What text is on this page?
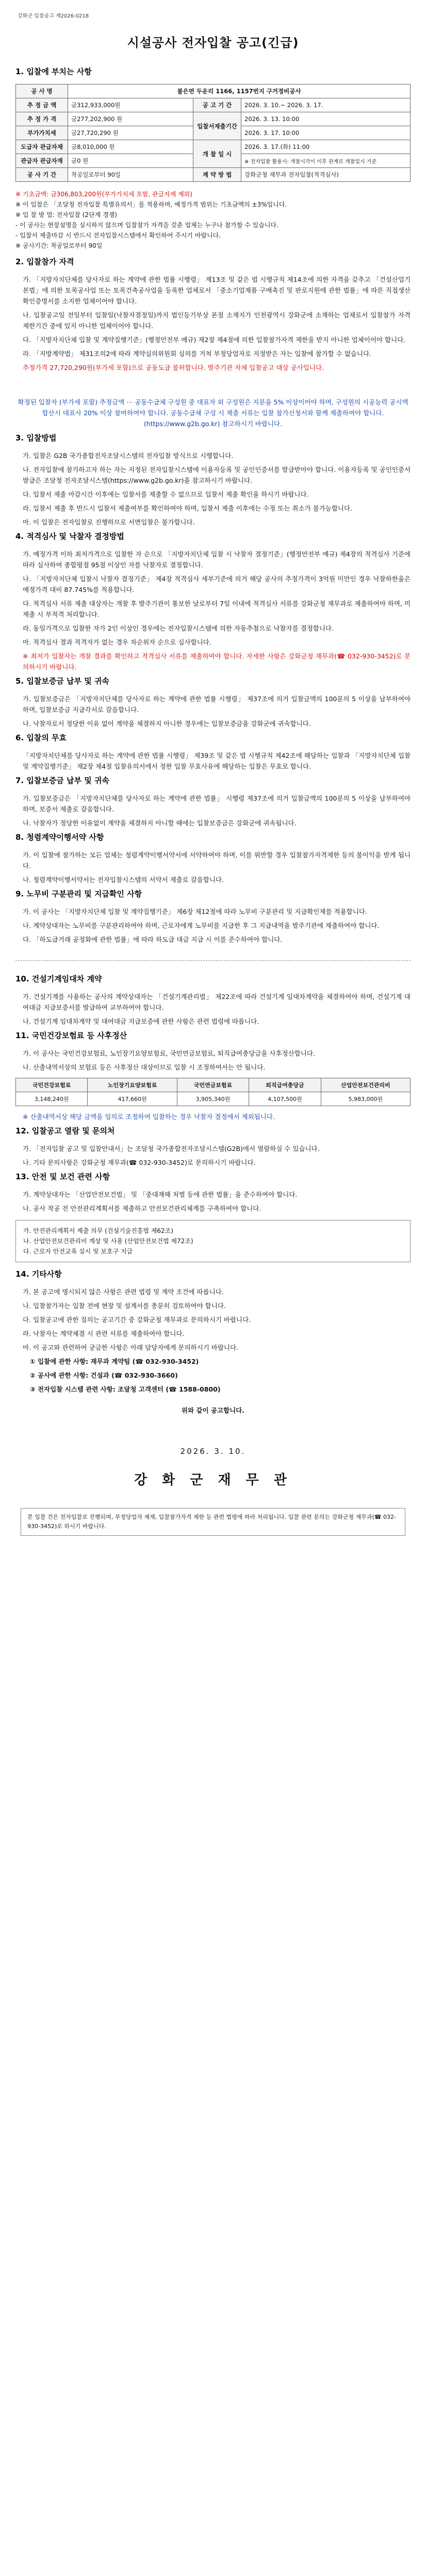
강화군 입찰공고 제2026-0218
시설공사 전자입찰 공고(긴급)
1. 입찰에 부치는 사항
공 사 명	불은면 두운리 1166, 1157번지 구거정비공사		
추 정 금 액	금312,933,000원	공 고 기 간	2026. 3. 10.~ 2026. 3. 17.
추 정 가 격	금277,202,900 원	입찰서제출기간	2026. 3. 13. 10:00
부가가치세	금27,720,290 원		2026. 3. 17. 10:00
도급자 관급자재	금8,010,000 원	개 찰 일 시	2026. 3. 17.(화) 11:00
관급자 관급자재	금0 원		※ 전자입찰 활용시: 개찰시각이 이후 관계로 개찰일시 기준
공 사 기 간	착공일로부터 90일	계 약 방 법	강화군청 재무과 전자입찰(적격심사)
※ 기초금액: 금306,803,200원(부가가치세 포함, 관급자재 제외)
※ 이 입찰은 「조달청 전자입찰 특별유의서」를 적용하며, 예정가격 범위는 기초금액의 ±3%입니다.
※ 입 찰 방 법: 전자입찰 (2단계 경쟁)
- 이 공사는 현장설명을 실시하지 않으며 입찰참가 자격을 갖춘 업체는 누구나 참가할 수 있습니다.
- 입찰서 제출마감 시 반드시 전자입찰시스템에서 확인하여 주시기 바랍니다.
※ 공사기간: 착공일로부터 90일
2. 입찰참가 자격

가. 「지방자치단체를 당사자로 하는 계약에 관한 법률 시행령」 제13조 및 같은 법 시행규칙 제14조에 의한 자격을 갖추고 「건설산업기본법」에 의한 토목공사업 또는 토목건축공사업을 등록한 업체로서 「중소기업제품 구매촉진 및 판로지원에 관한 법률」에 따른 직접생산확인증명서를 소지한 업체이어야 합니다.

나. 입찰공고일 전일부터 입찰일(낙찰자결정일)까지 법인등기부상 본점 소재지가 인천광역시 강화군에 소재하는 업체로서 입찰참가 자격 제한기간 중에 있지 아니한 업체이어야 합니다.

다. 「지방자치단체 입찰 및 계약집행기준」(행정안전부 예규) 제2장 제4절에 의한 입찰참가자격 제한을 받지 아니한 업체이어야 합니다.

라. 「지방계약법」 제31조의2에 따라 계약심의위원회 심의를 거쳐 부정당업자로 지정받은 자는 입찰에 참가할 수 없습니다.

추정가격 27,720,290원(부가세 포함)으로 공동도급 불허합니다. 발주기관 자체 입찰공고 대상 공사입니다.

확정된 입찰자 (부가세 포함) 추정금액 ··· 공동수급체 구성원 중 대표자 외 구성원은 지분율 5% 이상이어야 하며, 구성원의 시공능력 공시액 합산시 대표사 20% 이상 참여하여야 합니다. 공동수급체 구성 시 제출 서류는 입찰 참가신청서와 함께 제출하여야 합니다. (https://www.g2b.go.kr) 참고하시기 바랍니다.

3. 입찰방법

가. 입찰은 G2B 국가종합전자조달시스템의 전자입찰 방식으로 시행합니다.

나. 전자입찰에 참가하고자 하는 자는 지정된 전자입찰시스템에 이용자등록 및 공인인증서를 발급받아야 합니다. 이용자등록 및 공인인증서 발급은 조달청 전자조달시스템(https://www.g2b.go.kr)을 참고하시기 바랍니다.

다. 입찰서 제출 마감시간 이후에는 입찰서를 제출할 수 없으므로 입찰서 제출 확인을 하시기 바랍니다.

라. 입찰서 제출 후 반드시 입찰서 제출여부를 확인하여야 하며, 입찰서 제출 이후에는 수정 또는 취소가 불가능합니다.

마. 이 입찰은 전자입찰로 진행하므로 서면입찰은 불가합니다.

4. 적격심사 및 낙찰자 결정방법

가. 예정가격 이하 최저가격으로 입찰한 자 순으로 「지방자치단체 입찰 시 낙찰자 결정기준」(행정안전부 예규) 제4장의 적격심사 기준에 따라 심사하여 종합평점 95점 이상인 자를 낙찰자로 결정합니다.

나. 「지방자치단체 입찰시 낙찰자 결정기준」 제4장 적격심사 세부기준에 의거 해당 공사의 추정가격이 3억원 미만인 경우 낙찰하한율은 예정가격 대비 87.745%를 적용합니다.

다. 적격심사 서류 제출 대상자는 개찰 후 발주기관이 통보한 날로부터 7일 이내에 적격심사 서류를 강화군청 재무과로 제출하여야 하며, 미제출 시 부적격 처리합니다.

라. 동일가격으로 입찰한 자가 2인 이상인 경우에는 전자입찰시스템에 의한 자동추첨으로 낙찰자를 결정합니다.

마. 적격심사 결과 적격자가 없는 경우 차순위자 순으로 심사합니다.

※ 최저가 입찰자는 개찰 결과를 확인하고 적격심사 서류를 제출하여야 합니다. 자세한 사항은 강화군청 재무과(☎ 032-930-3452)로 문의하시기 바랍니다.

5. 입찰보증금 납부 및 귀속

가. 입찰보증금은 「지방자치단체를 당사자로 하는 계약에 관한 법률 시행령」 제37조에 의거 입찰금액의 100분의 5 이상을 납부하여야 하며, 입찰보증금 지급각서로 갈음합니다.

나. 낙찰자로서 정당한 이유 없이 계약을 체결하지 아니한 경우에는 입찰보증금을 강화군에 귀속합니다.

6. 입찰의 무효

「지방자치단체를 당사자로 하는 계약에 관한 법률 시행령」 제39조 및 같은 법 시행규칙 제42조에 해당하는 입찰과 「지방자치단체 입찰 및 계약집행기준」 제2장 제4절 입찰유의서에서 정한 입찰 무효사유에 해당하는 입찰은 무효로 합니다.

7. 입찰보증금 납부 및 귀속

가. 입찰보증금은 「지방자치단체를 당사자로 하는 계약에 관한 법률」 시행령 제37조에 의거 입찰금액의 100분의 5 이상을 납부하여야 하며, 보증서 제출로 갈음합니다.

나. 낙찰자가 정당한 이유없이 계약을 체결하지 아니할 때에는 입찰보증금은 강화군에 귀속됩니다.

8. 청렴계약이행서약 사항

가. 이 입찰에 참가하는 모든 업체는 청렴계약이행서약서에 서약하여야 하며, 이를 위반할 경우 입찰참가자격제한 등의 불이익을 받게 됩니다.

나. 청렴계약이행서약서는 전자입찰시스템의 서약서 제출로 갈음합니다.

9. 노무비 구분관리 및 지급확인 사항

가. 이 공사는 「지방자치단체 입찰 및 계약집행기준」 제6장 제12절에 따라 노무비 구분관리 및 지급확인제를 적용합니다.

나. 계약상대자는 노무비를 구분관리하여야 하며, 근로자에게 노무비를 지급한 후 그 지급내역을 발주기관에 제출하여야 합니다.

다. 「하도급거래 공정화에 관한 법률」에 따라 하도급 대금 지급 시 이를 준수하여야 합니다.

10. 건설기계임대차 계약

가. 건설기계를 사용하는 공사의 계약상대자는 「건설기계관리법」 제22조에 따라 건설기계 임대차계약을 체결하여야 하며, 건설기계 대여대금 지급보증서를 발급하여 교부하여야 합니다.

나. 건설기계 임대차계약 및 대여대금 지급보증에 관한 사항은 관련 법령에 따릅니다.

11. 국민건강보험료 등 사후정산

가. 이 공사는 국민건강보험료, 노인장기요양보험료, 국민연금보험료, 퇴직급여충당금을 사후정산합니다.

나. 산출내역서상의 보험료 등은 사후정산 대상이므로 입찰 시 조정하여서는 안 됩니다.

국민건강보험료	노인장기요양보험료	국민연금보험료	퇴직급여충당금	산업안전보건관리비
3,148,240원	417,660원	3,905,340원	4,107,500원	5,983,000원

※ 산출내역서상 해당 금액을 임의로 조정하여 입찰하는 경우 낙찰자 결정에서 제외됩니다.

12. 입찰공고 열람 및 문의처

가. 「전자입찰 공고 및 입찰안내서」는 조달청 국가종합전자조달시스템(G2B)에서 열람하실 수 있습니다.

나. 기타 문의사항은 강화군청 재무과(☎ 032-930-3452)로 문의하시기 바랍니다.

13. 안전 및 보건 관련 사항

가. 계약상대자는 「산업안전보건법」 및 「중대재해 처벌 등에 관한 법률」을 준수하여야 합니다.

나. 공사 착공 전 안전관리계획서를 제출하고 안전보건관리체계를 구축하여야 합니다.

가. 안전관리계획서 제출 의무 (건설기술진흥법 제62조)
나. 산업안전보건관리비 계상 및 사용 (산업안전보건법 제72조)
다. 근로자 안전교육 실시 및 보호구 지급
14. 기타사항

가. 본 공고에 명시되지 않은 사항은 관련 법령 및 계약 조건에 따릅니다.

나. 입찰참가자는 입찰 전에 현장 및 설계서를 충분히 검토하여야 합니다.

다. 입찰공고에 관한 질의는 공고기간 중 강화군청 재무과로 문의하시기 바랍니다.

라. 낙찰자는 계약체결 시 관련 서류를 제출하여야 합니다.

마. 이 공고와 관련하여 궁금한 사항은 아래 담당자에게 문의하시기 바랍니다.

① 입찰에 관한 사항: 재무과 계약팀 (☎ 032-930-3452)

② 공사에 관한 사항: 건설과 (☎ 032-930-3660)

③ 전자입찰 시스템 관련 사항: 조달청 고객센터 (☎ 1588-0800)

위와 같이 공고합니다.

2026. 3. 10.
강 화 군 재 무 관
본 입찰 건은 전자입찰로 진행되며, 부정당업자 제재, 입찰참가자격 제한 등 관련 법령에 따라 처리됩니다. 입찰 관련 문의는 강화군청 재무과(☎ 032-930-3452)로 하시기 바랍니다.
